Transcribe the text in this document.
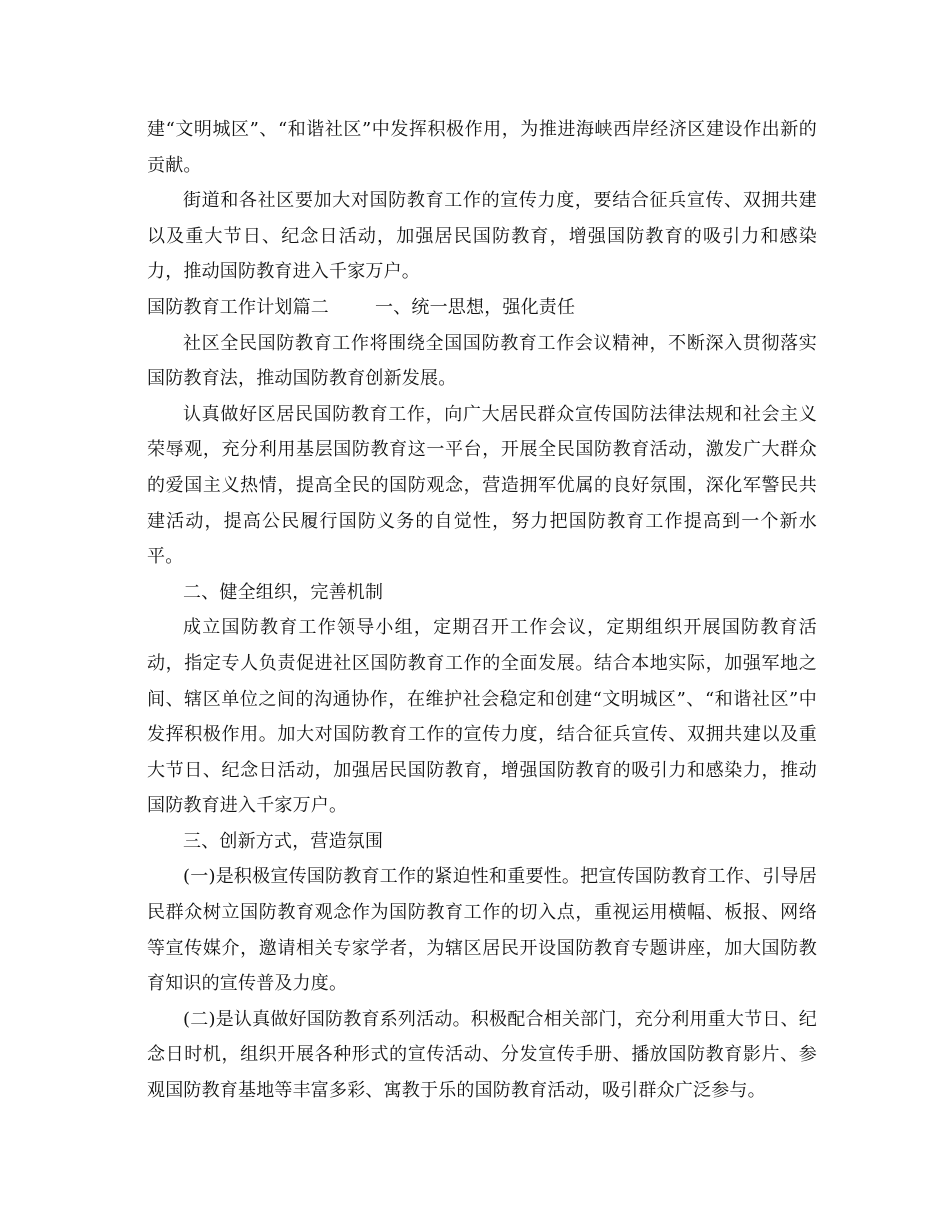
建“文明城区”、“和谐社区”中发挥积极作用，为推进海峡西岸经济区建设作出新的贡献。

街道和各社区要加大对国防教育工作的宣传力度，要结合征兵宣传、双拥共建以及重大节日、纪念日活动，加强居民国防教育，增强国防教育的吸引力和感染力，推动国防教育进入千家万户。

国防教育工作计划篇二	一、统一思想，强化责任

社区全民国防教育工作将围绕全国国防教育工作会议精神，不断深入贯彻落实国防教育法，推动国防教育创新发展。

认真做好区居民国防教育工作，向广大居民群众宣传国防法律法规和社会主义荣辱观，充分利用基层国防教育这一平台，开展全民国防教育活动，激发广大群众的爱国主义热情，提高全民的国防观念，营造拥军优属的良好氛围，深化军警民共建活动，提高公民履行国防义务的自觉性，努力把国防教育工作提高到一个新水平。

二、健全组织，完善机制

成立国防教育工作领导小组，定期召开工作会议，定期组织开展国防教育活动，指定专人负责促进社区国防教育工作的全面发展。结合本地实际，加强军地之间、辖区单位之间的沟通协作，在维护社会稳定和创建“文明城区”、“和谐社区”中发挥积极作用。加大对国防教育工作的宣传力度，结合征兵宣传、双拥共建以及重大节日、纪念日活动，加强居民国防教育，增强国防教育的吸引力和感染力，推动国防教育进入千家万户。

三、创新方式，营造氛围

(一)是积极宣传国防教育工作的紧迫性和重要性。把宣传国防教育工作、引导居民群众树立国防教育观念作为国防教育工作的切入点，重视运用横幅、板报、网络等宣传媒介，邀请相关专家学者，为辖区居民开设国防教育专题讲座，加大国防教育知识的宣传普及力度。

(二)是认真做好国防教育系列活动。积极配合相关部门，充分利用重大节日、纪念日时机，组织开展各种形式的宣传活动、分发宣传手册、播放国防教育影片、参观国防教育基地等丰富多彩、寓教于乐的国防教育活动，吸引群众广泛参与。
